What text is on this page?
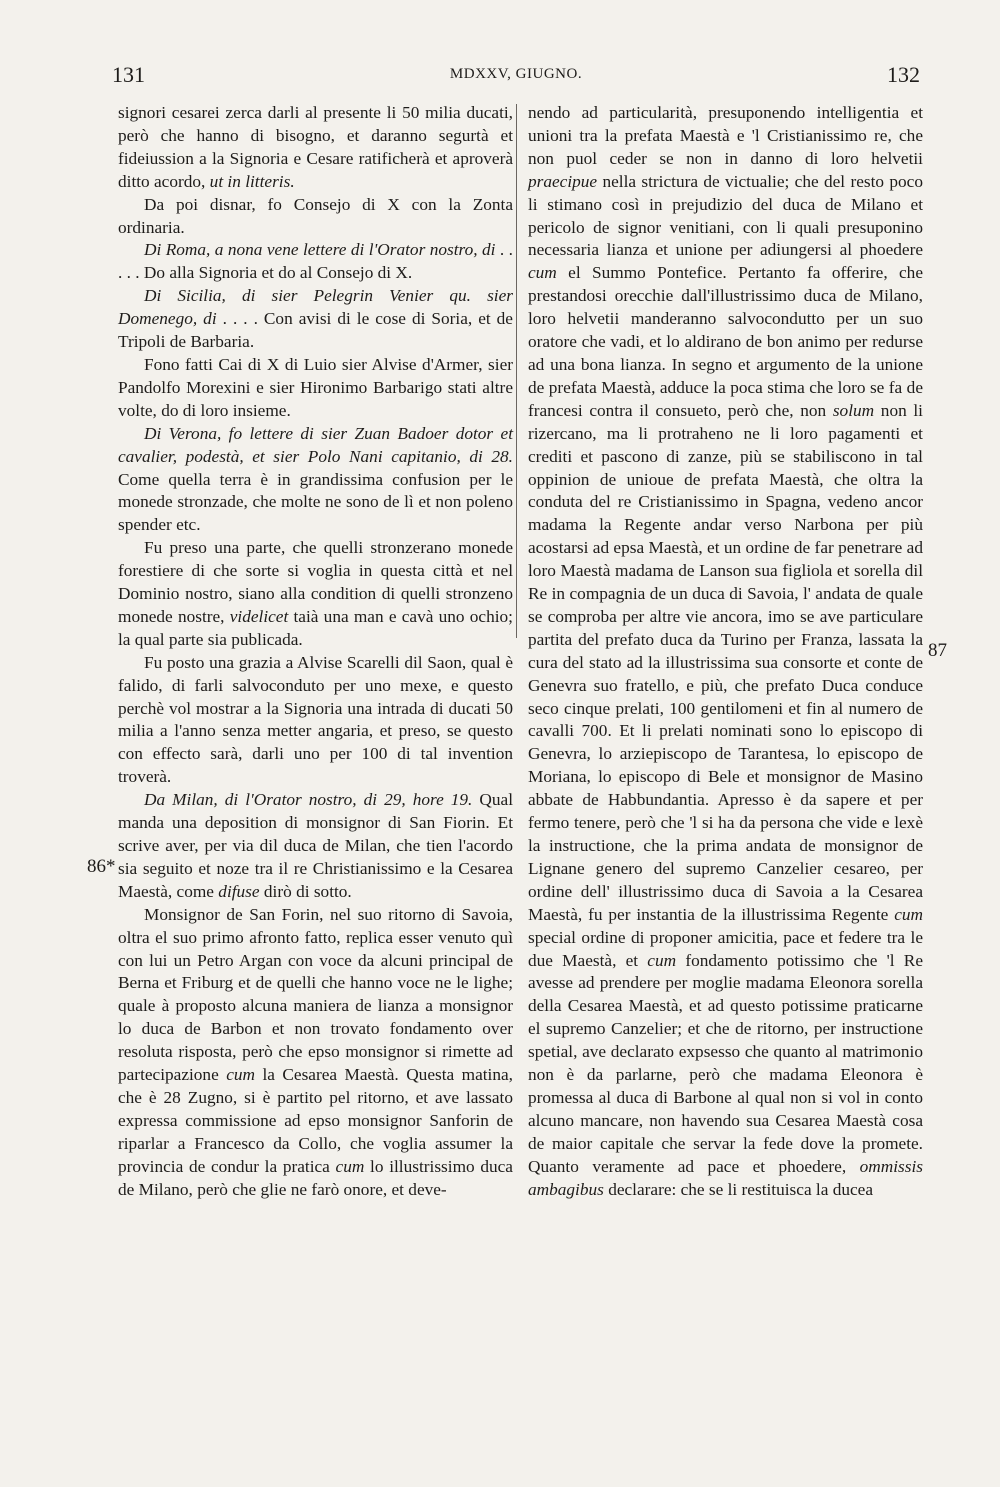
131	MDXXV, GIUGNO.	132
86*
87

signori cesarei zerca darli al presente li 50 milia ducati, però che hanno di bisogno, et daranno segurtà et fideiussion a la Signoria e Cesare ratificherà et aproverà ditto acordo, ut in litteris.

Da poi disnar, fo Consejo di X con la Zonta ordinaria.

Di Roma, a nona vene lettere di l'Orator nostro, di . . . . . Do alla Signoria et do al Consejo di X.

Di Sicilia, di sier Pelegrin Venier qu. sier Domenego, di . . . . Con avisi di le cose di Soria, et de Tripoli de Barbaria.

Fono fatti Cai di X di Luio sier Alvise d'Armer, sier Pandolfo Morexini e sier Hironimo Barbarigo stati altre volte, do di loro insieme.

Di Verona, fo lettere di sier Zuan Badoer dotor et cavalier, podestà, et sier Polo Nani capitanio, di 28. Come quella terra è in grandissima confusion per le monede stronzade, che molte ne sono de lì et non poleno spender etc.

Fu preso una parte, che quelli stronzerano monede forestiere di che sorte si voglia in questa città et nel Dominio nostro, siano alla condition di quelli stronzeno monede nostre, videlicet taià una man e cavà uno ochio; la qual parte sia publicada.

Fu posto una grazia a Alvise Scarelli dil Saon, qual è falido, di farli salvoconduto per uno mexe, e questo perchè vol mostrar a la Signoria una intrada di ducati 50 milia a l'anno senza metter angaria, et preso, se questo con effecto sarà, darli uno per 100 di tal invention troverà.

Da Milan, di l'Orator nostro, di 29, hore 19. Qual manda una deposition di monsignor di San Fiorin. Et scrive aver, per via dil duca de Milan, che tien l'acordo sia seguito et noze tra il re Christianissimo e la Cesarea Maestà, come difuse dirò di sotto.

Monsignor de San Forin, nel suo ritorno di Savoia, oltra el suo primo afronto fatto, replica esser venuto quì con lui un Petro Argan con voce da alcuni principal de Berna et Friburg et de quelli che hanno voce ne le lighe; quale à proposto alcuna maniera de lianza a monsignor lo duca de Barbon et non trovato fondamento over resoluta risposta, però che epso monsignor si rimette ad partecipazione cum la Cesarea Maestà. Questa matina, che è 28 Zugno, si è partito pel ritorno, et ave lassato expressa commissione ad epso monsignor Sanforin de riparlar a Francesco da Collo, che voglia assumer la provincia de condur la pratica cum lo illustrissimo duca de Milano, però che glie ne farò onore, et deve-

nendo ad particularità, presuponendo intelligentia et unioni tra la prefata Maestà e 'l Cristianissimo re, che non puol ceder se non in danno di loro helvetii praecipue nella strictura de victualie; che del resto poco li stimano così in prejudizio del duca de Milano et pericolo de signor venitiani, con li quali presuponino necessaria lianza et unione per adiungersi al phoedere cum el Summo Pontefice. Pertanto fa offerire, che prestandosi orecchie dall'illustrissimo duca de Milano, loro helvetii manderanno salvocondutto per un suo oratore che vadi, et lo aldirano de bon animo per redurse ad una bona lianza. In segno et argumento de la unione de prefata Maestà, adduce la poca stima che loro se fa de francesi contra il consueto, però che, non solum non li rizercano, ma li protraheno ne li loro pagamenti et crediti et pascono di zanze, più se stabiliscono in tal oppinion de unioue de prefata Maestà, che oltra la conduta del re Cristianissimo in Spagna, vedeno ancor madama la Regente andar verso Narbona per più acostarsi ad epsa Maestà, et un ordine de far penetrare ad loro Maestà madama de Lanson sua figliola et sorella dil Re in compagnia de un duca di Savoia, l' andata de quale se comproba per altre vie ancora, imo se ave particulare partita del prefato duca da Turino per Franza, lassata la cura del stato ad la illustrissima sua consorte et conte de Genevra suo fratello, e più, che prefato Duca conduce seco cinque prelati, 100 gentilomeni et fin al numero de cavalli 700. Et li prelati nominati sono lo episcopo di Genevra, lo arziepiscopo de Tarantesa, lo episcopo de Moriana, lo episcopo di Bele et monsignor de Masino abbate de Habbundantia. Apresso è da sapere et per fermo tenere, però che 'l si ha da persona che vide e lexè la instructione, che la prima andata de monsignor de Lignane genero del supremo Canzelier cesareo, per ordine dell' illustrissimo duca di Savoia a la Cesarea Maestà, fu per instantia de la illustrissima Regente cum special ordine di proponer amicitia, pace et federe tra le due Maestà, et cum fondamento potissimo che 'l Re avesse ad prendere per moglie madama Eleonora sorella della Cesarea Maestà, et ad questo potissime praticarne el supremo Canzelier; et che de ritorno, per instructione spetial, ave declarato expsesso che quanto al matrimonio non è da parlarne, però che madama Eleonora è promessa al duca di Barbone al qual non si vol in conto alcuno mancare, non havendo sua Cesarea Maestà cosa de maior capitale che servar la fede dove la promete. Quanto veramente ad pace et phoedere, ommissis ambagibus declarare: che se li restituisca la ducea
